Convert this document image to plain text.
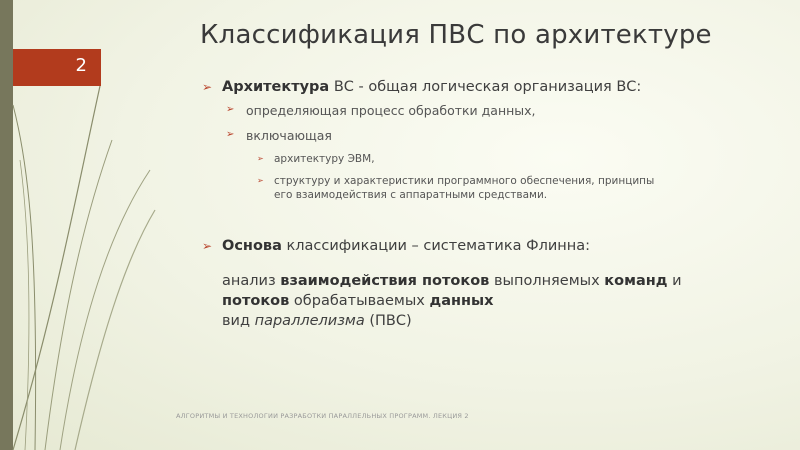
Классификация ПВС по архитектуре
2
➢ Архитектура ВС - общая логическая организация ВС:
➢ определяющая процесс обработки данных,
➢ включающая
➢ архитектуру ЭВМ,
➢ структуру и характеристики программного обеспечения, принципы
его взаимодействия с аппаратными средствами.
➢ Основа классификации – систематика Флинна:
анализ взаимодействия потоков выполняемых команд и
потоков обрабатываемых данных
вид параллелизма (ПВС)
АЛГОРИТМЫ И ТЕХНОЛОГИИ РАЗРАБОТКИ ПАРАЛЛЕЛЬНЫХ ПРОГРАММ. ЛЕКЦИЯ 2
